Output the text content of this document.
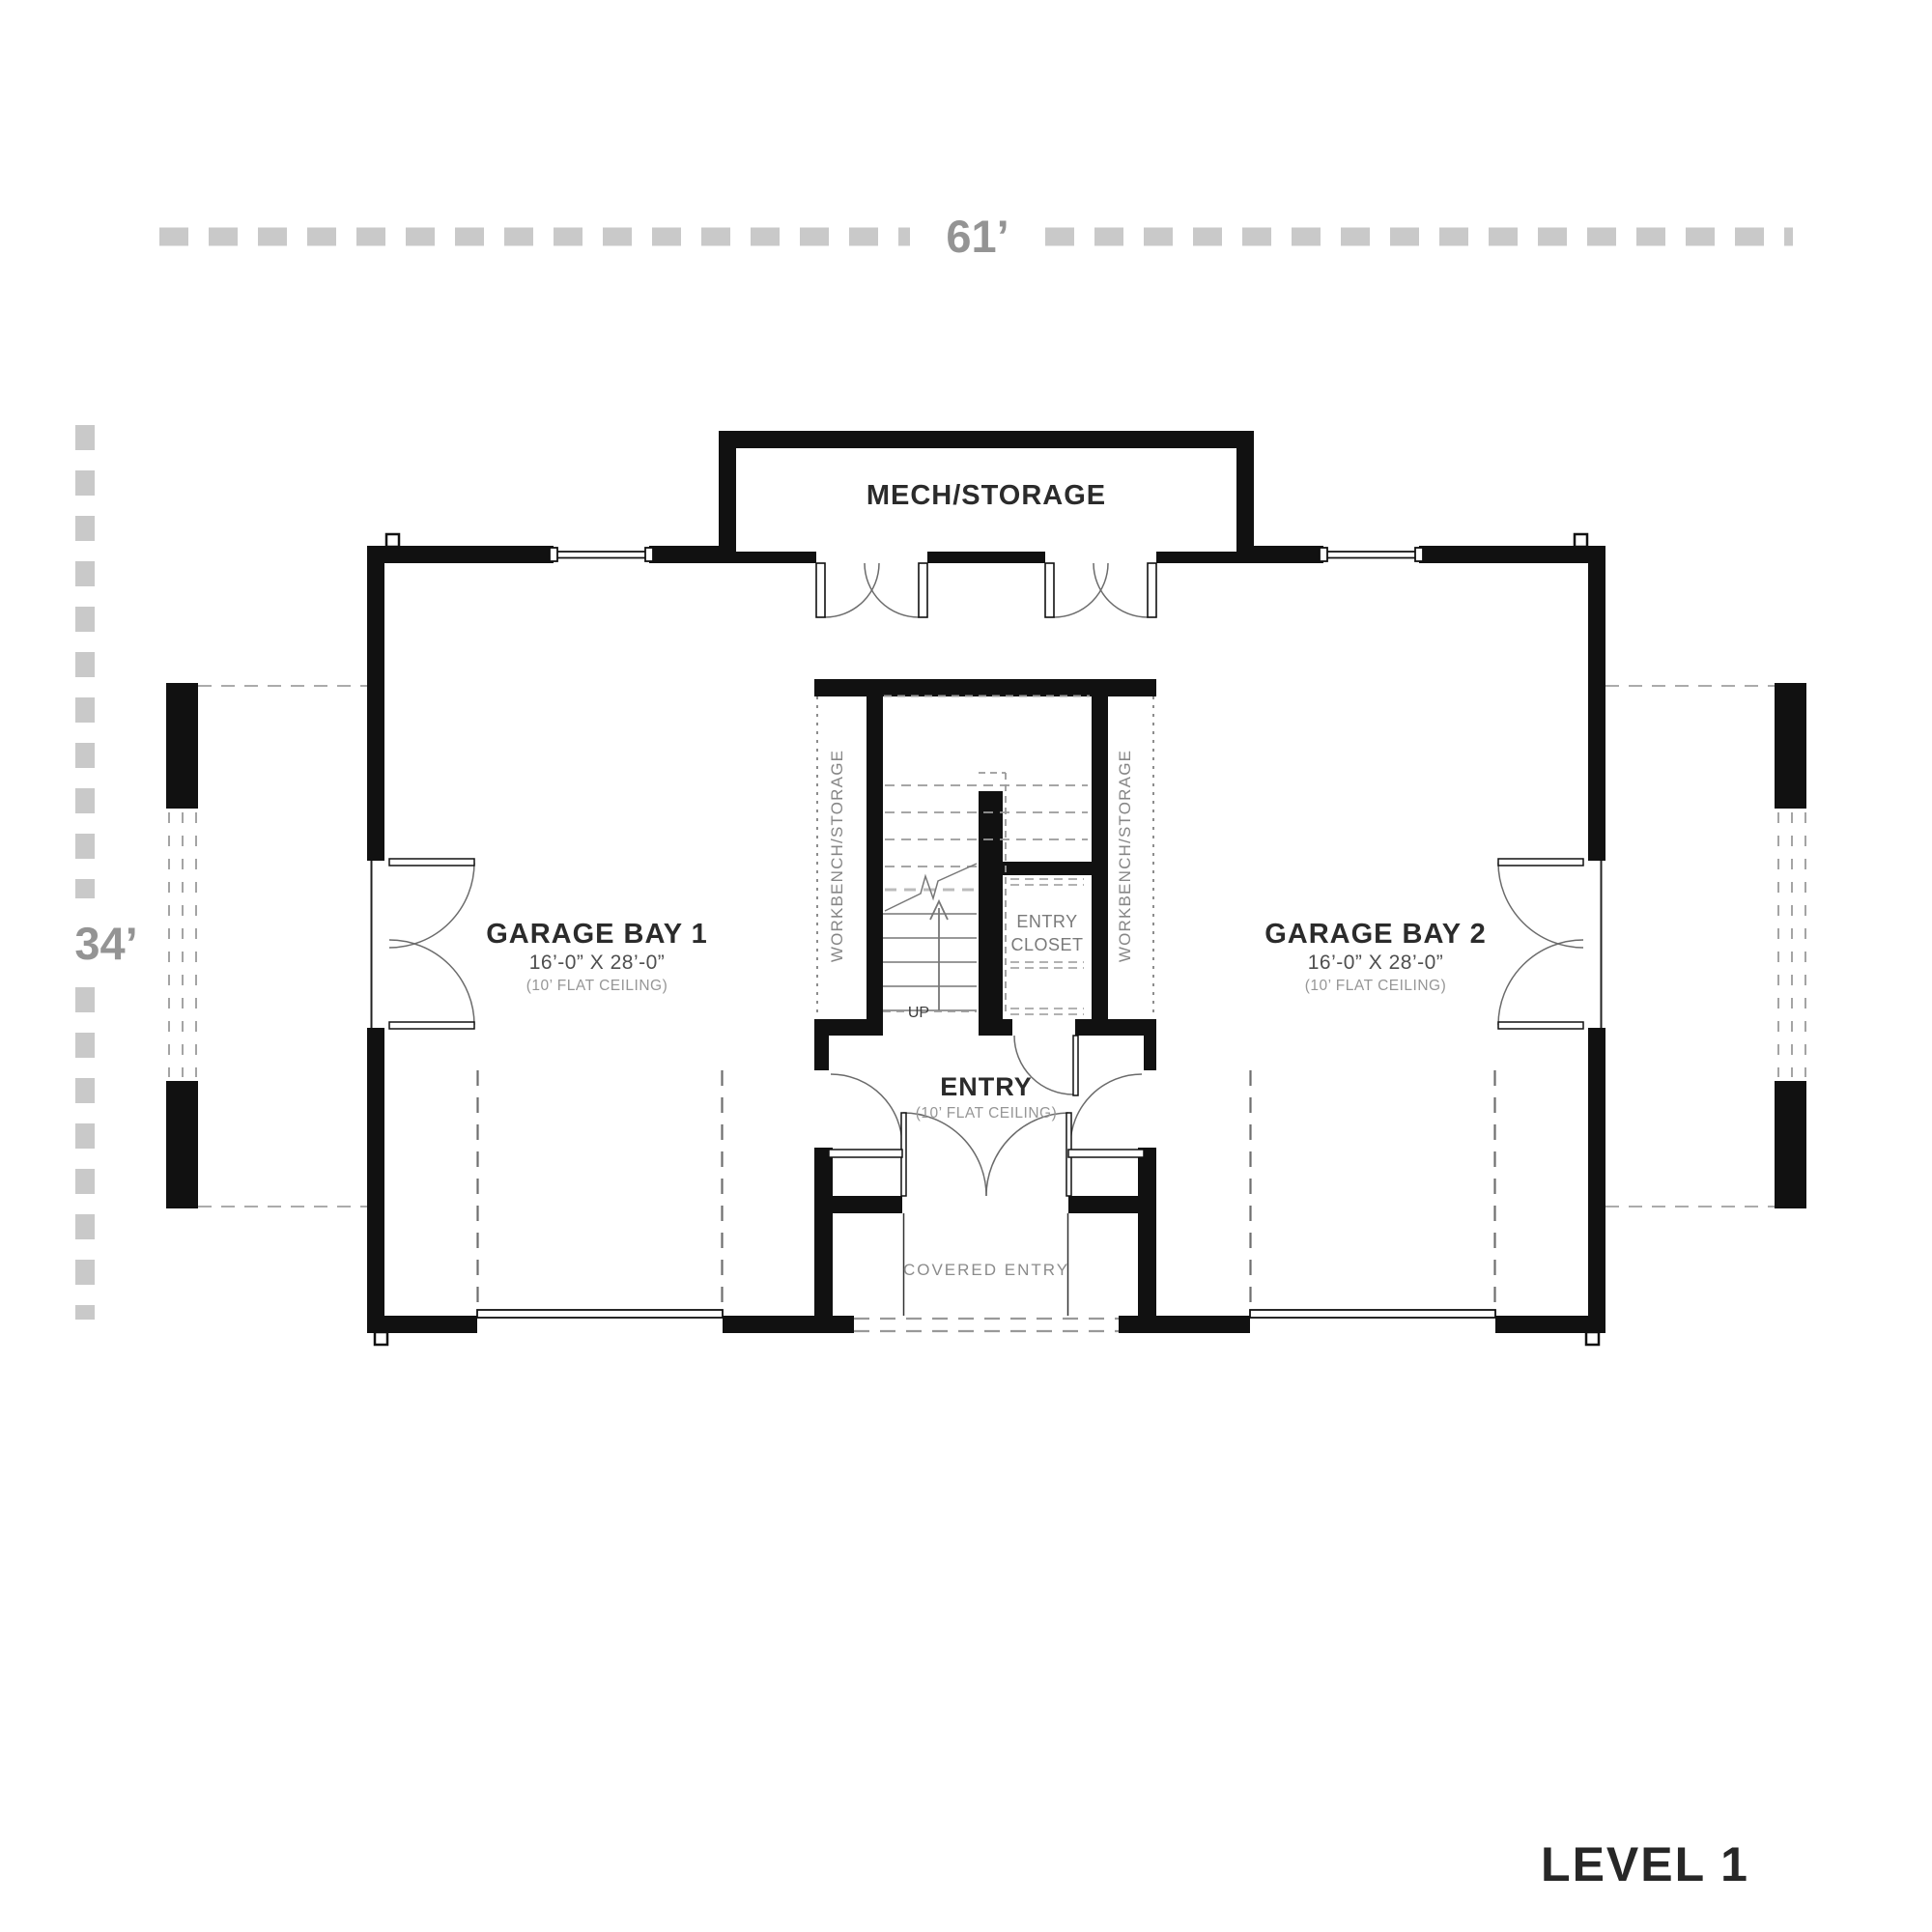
61’
34’
UP
MECH/STORAGE
GARAGE BAY 1
16’-0” X 28’-0”
(10’ FLAT CEILING)
GARAGE BAY 2
16’-0” X 28’-0”
(10’ FLAT CEILING)
ENTRY
(10’ FLAT CEILING)
ENTRY
CLOSET
COVERED ENTRY
WORKBENCH/STORAGE	WORKBENCH/STORAGE
LEVEL 1
